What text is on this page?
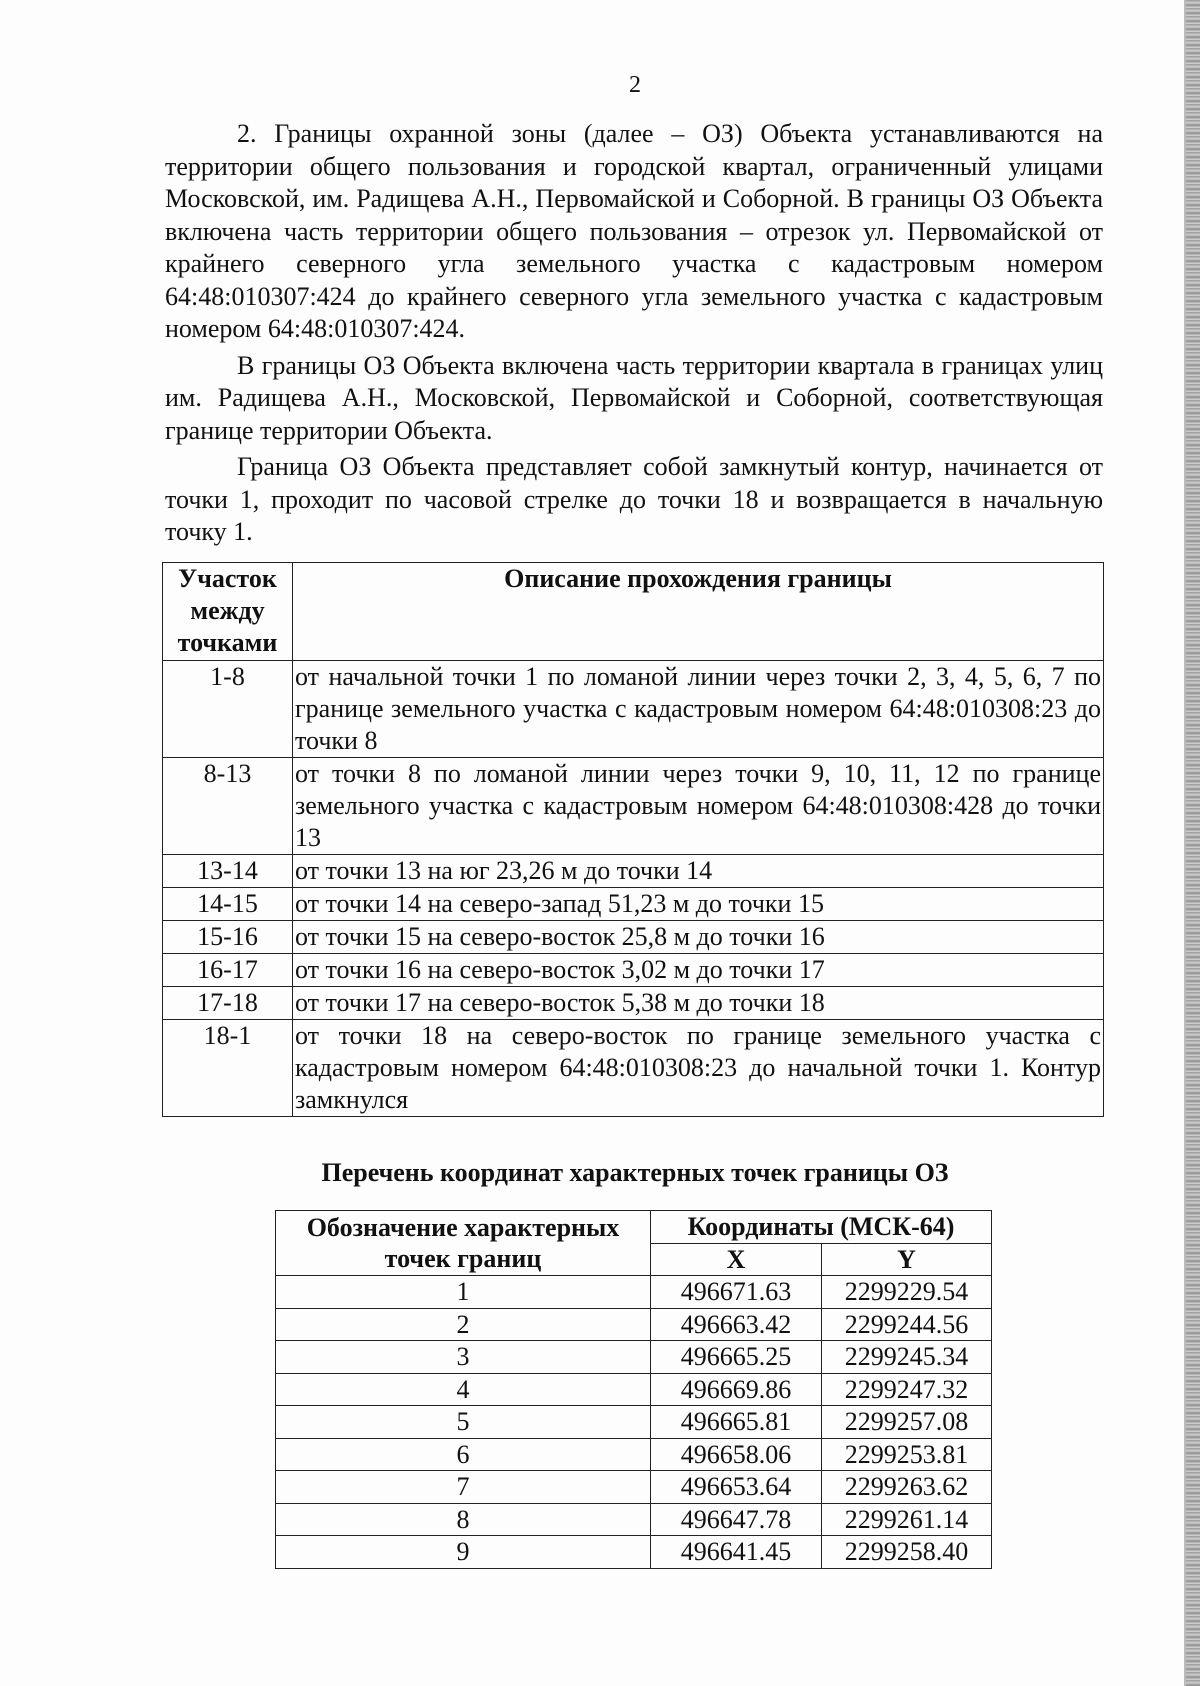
2

2. Границы охранной зоны (далее – ОЗ) Объекта устанавливаются на территории общего пользования и городской квартал, ограниченный улицами Московской, им. Радищева А.Н., Первомайской и Соборной. В границы ОЗ Объекта включена часть территории общего пользования – отрезок ул. Первомайской от крайнего северного угла земельного участка с кадастровым номером 64:48:010307:424 до крайнего северного угла земельного участка с кадастровым номером 64:48:010307:424.

В границы ОЗ Объекта включена часть территории квартала в границах улиц им. Радищева А.Н., Московской, Первомайской и Соборной, соответствующая границе территории Объекта.

Граница ОЗ Объекта представляет собой замкнутый контур, начинается от точки 1, проходит по часовой стрелке до точки 18 и возвращается в начальную точку 1.

Участок между точками	Описание прохождения границы
1-8	от начальной точки 1 по ломаной линии через точки 2, 3, 4, 5, 6, 7 по границе земельного участка с кадастровым номером 64:48:010308:23 до точки 8
8-13	от точки 8 по ломаной линии через точки 9, 10, 11, 12 по границе земельного участка с кадастровым номером 64:48:010308:428 до точки 13
13-14	от точки 13 на юг 23,26 м до точки 14
14-15	от точки 14 на северо-запад 51,23 м до точки 15
15-16	от точки 15 на северо-восток 25,8 м до точки 16
16-17	от точки 16 на северо-восток 3,02 м до точки 17
17-18	от точки 17 на северо-восток 5,38 м до точки 18
18-1	от точки 18 на северо-восток по границе земельного участка с кадастровым номером 64:48:010308:23 до начальной точки 1. Контур замкнулся
Перечень координат характерных точек границы ОЗ
Обозначение характерных точек границ	Координаты (МСК-64)	
	X	Y
1	496671.63	2299229.54
2	496663.42	2299244.56
3	496665.25	2299245.34
4	496669.86	2299247.32
5	496665.81	2299257.08
6	496658.06	2299253.81
7	496653.64	2299263.62
8	496647.78	2299261.14
9	496641.45	2299258.40
